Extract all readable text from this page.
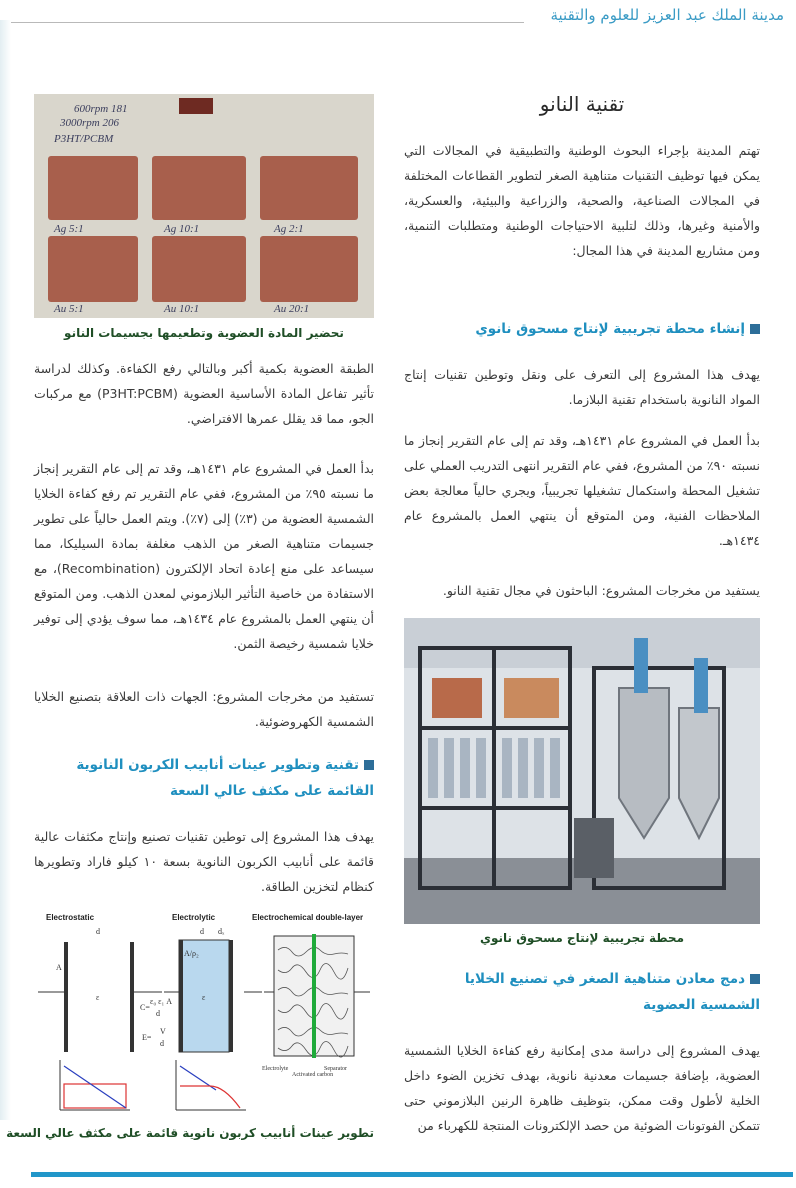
مدينة الملك عبد العزيز للعلوم والتقنية
تقنية النانو
تهتم المدينة بإجراء البحوث الوطنية والتطبيقية في المجالات التي يمكن فيها توظيف التقنيات متناهية الصغر لتطوير القطاعات المختلفة في المجالات الصناعية، والصحية، والزراعية والبيئية، والعسكرية، والأمنية وغيرها، وذلك لتلبية الاحتياجات الوطنية ومتطلبات التنمية، ومن مشاريع المدينة في هذا المجال:
إنشاء محطة تجريبية لإنتاج مسحوق نانوي
يهدف هذا المشروع إلى التعرف على ونقل وتوطين تقنيات إنتاج المواد النانوية باستخدام تقنية البلازما.
بدأ العمل في المشروع عام ١٤٣١هـ، وقد تم إلى عام التقرير إنجاز ما نسبته ٩٠٪ من المشروع، ففي عام التقرير انتهى التدريب العملي على تشغيل المحطة واستكمال تشغيلها تجريبياً، ويجري حالياً معالجة بعض الملاحظات الفنية، ومن المتوقع أن ينتهي العمل بالمشروع عام ١٤٣٤هـ.
يستفيد من مخرجات المشروع: الباحثون في مجال تقنية النانو.
محطة تجريبية لإنتاج مسحوق نانوي
دمج معادن متناهية الصغر في تصنيع الخلايا الشمسية العضوية
يهدف المشروع إلى دراسة مدى إمكانية رفع كفاءة الخلايا الشمسية العضوية، بإضافة جسيمات معدنية نانوية، بهدف تخزين الضوء داخل الخلية لأطول وقت ممكن، بتوظيف ظاهرة الرنين البلازموني حتى تتمكن الفوتونات الضوئية من حصد الإلكترونات المنتجة للكهرباء من
600rpm 181
3000rpm 206
P3HT/PCBM
Ag 5:1	Ag 10:1	Ag 2:1
Au 5:1	Au 10:1	Au 20:1
تحضير المادة العضوية وتطعيمها بجسيمات النانو
الطبقة العضوية بكمية أكبر وبالتالي رفع الكفاءة. وكذلك لدراسة تأثير تفاعل المادة الأساسية العضوية (P3HT:PCBM) مع مركبات الجو، مما قد يقلل عمرها الافتراضي.
بدأ العمل في المشروع عام ١٤٣١هـ، وقد تم إلى عام التقرير إنجاز ما نسبته ٩٥٪ من المشروع، ففي عام التقرير تم رفع كفاءة الخلايا الشمسية العضوية من (٣٪) إلى (٧٪). ويتم العمل حالياً على تطوير جسيمات متناهية الصغر من الذهب مغلفة بمادة السيليكا، مما سيساعد على منع إعادة اتحاد الإلكترون (Recombination)، مع الاستفادة من خاصية التأثير البلازموني لمعدن الذهب. ومن المتوقع أن ينتهي العمل بالمشروع عام ١٤٣٤هـ، مما سوف يؤدي إلى توفير خلايا شمسية رخيصة الثمن.
تستفيد من مخرجات المشروع: الجهات ذات العلاقة بتصنيع الخلايا الشمسية الكهروضوئية.
تقنية وتطوير عينات أنابيب الكربون النانوية القائمة على مكثف عالي السعة
يهدف هذا المشروع إلى توطين تقنيات تصنيع وإنتاج مكثفات عالية قائمة على أنابيب الكربون النانوية بسعة ١٠ كيلو فاراد وتطويرها كنظام لتخزين الطاقة.
Electrostatic	Electrolytic	Electrochemical double-layer
d
A
d dₓ
A/ρ₂
ε	ε
C=
ε₀ ε₁ A
d
E=
V
d
Electrolyte
Activated carbon
Separator
تطوير عينات أنابيب كربون نانوية قائمة على مكثف عالي السعة
